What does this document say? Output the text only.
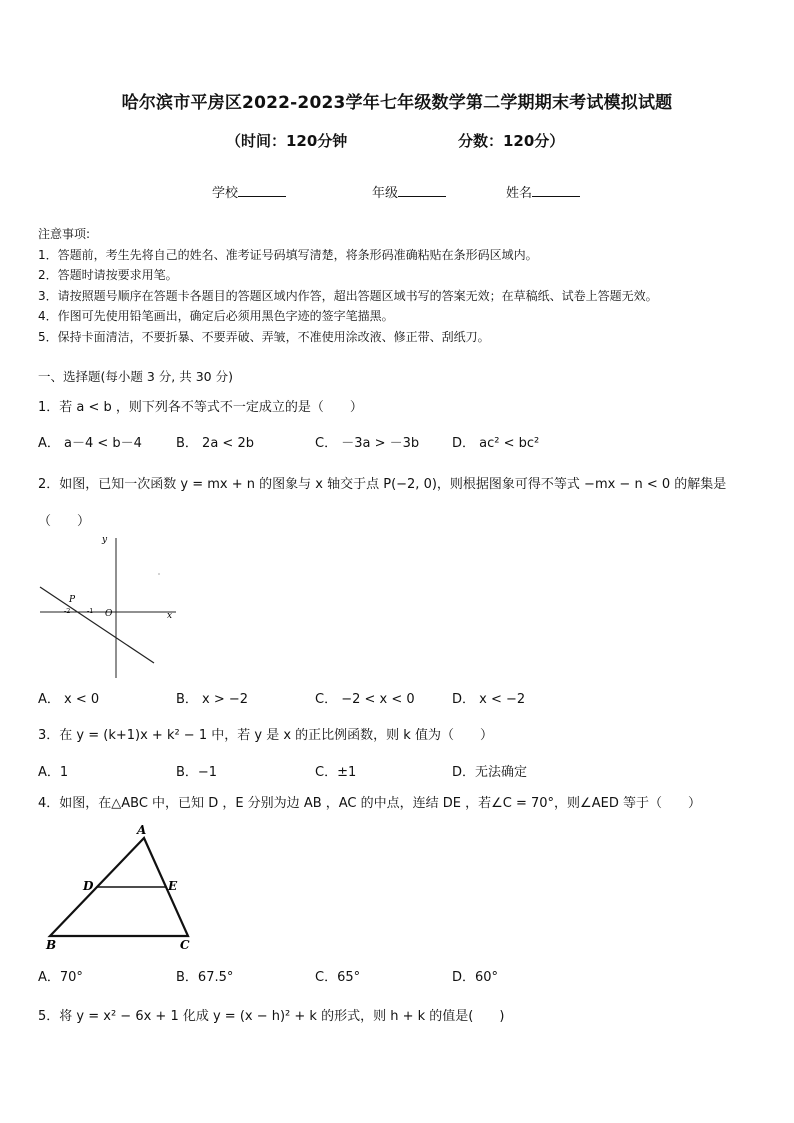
哈尔滨市平房区2022-2023学年七年级数学第二学期期末考试模拟试题
（时间：120分钟	分数：120分）
学校	年级	姓名
注意事项:
1．答题前，考生先将自己的姓名、准考证号码填写清楚，将条形码准确粘贴在条形码区域内。
2．答题时请按要求用笔。
3．请按照题号顺序在答题卡各题目的答题区域内作答，超出答题区域书写的答案无效；在草稿纸、试卷上答题无效。
4．作图可先使用铅笔画出，确定后必须用黑色字迹的签字笔描黑。
5．保持卡面清洁，不要折暴、不要弄破、弄皱，不准使用涂改液、修正带、刮纸刀。
一、选择题(每小题 3 分, 共 30 分)
1．若 a < b ，则下列各不等式不一定成立的是（　　）
A． a－4 < b－4	B． 2a < 2b	C． －3a > －3b	D． ac² < bc²
2．如图，已知一次函数 y = mx + n 的图象与 x 轴交于点 P(−2, 0)，则根据图象可得不等式 −mx − n < 0 的解集是
（　　）
y
x
O
P
-2	-1
A． x < 0	B． x > −2	C． −2 < x < 0	D． x < −2
3．在 y = (k+1)x + k² − 1 中，若 y 是 x 的正比例函数，则 k 值为（　　）
A．1	B．−1	C．±1	D．无法确定
4．如图，在△ABC 中，已知 D ，E 分别为边 AB ，AC 的中点，连结 DE ，若∠C = 70°，则∠AED 等于（　　）
A
B	C
D	E
A．70°	B．67.5°	C．65°	D．60°
5．将 y = x² − 6x + 1 化成 y = (x − h)² + k 的形式，则 h + k 的值是(　　)
